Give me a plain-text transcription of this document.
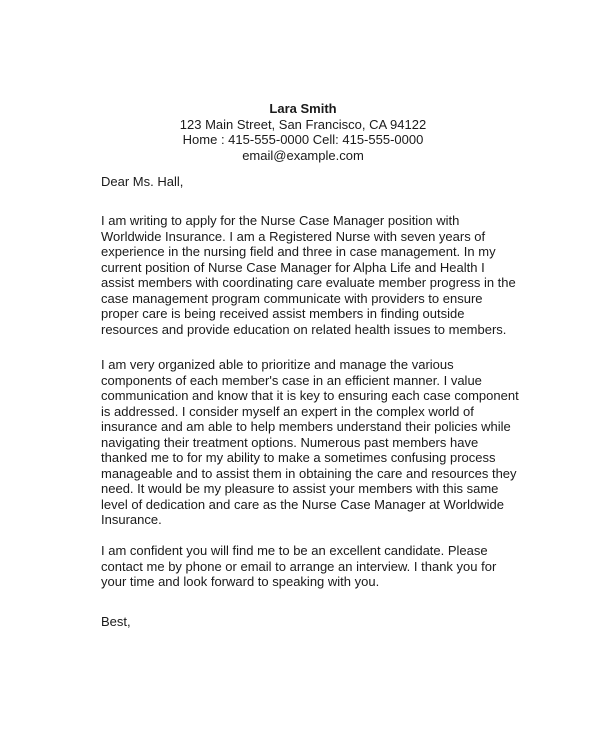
Lara Smith
123 Main Street, San Francisco, CA 94122
Home : 415-555-0000 Cell: 415-555-0000
email@example.com
Dear Ms. Hall,
I am writing to apply for the Nurse Case Manager position with
Worldwide Insurance. I am a Registered Nurse with seven years of
experience in the nursing field and three in case management. In my
current position of Nurse Case Manager for Alpha Life and Health I
assist members with coordinating care evaluate member progress in the
case management program communicate with providers to ensure
proper care is being received assist members in finding outside
resources and provide education on related health issues to members.
I am very organized able to prioritize and manage the various
components of each member's case in an efficient manner. I value
communication and know that it is key to ensuring each case component
is addressed. I consider myself an expert in the complex world of
insurance and am able to help members understand their policies while
navigating their treatment options. Numerous past members have
thanked me to for my ability to make a sometimes confusing process
manageable and to assist them in obtaining the care and resources they
need. It would be my pleasure to assist your members with this same
level of dedication and care as the Nurse Case Manager at Worldwide
Insurance.
I am confident you will find me to be an excellent candidate. Please
contact me by phone or email to arrange an interview. I thank you for
your time and look forward to speaking with you.
Best,
